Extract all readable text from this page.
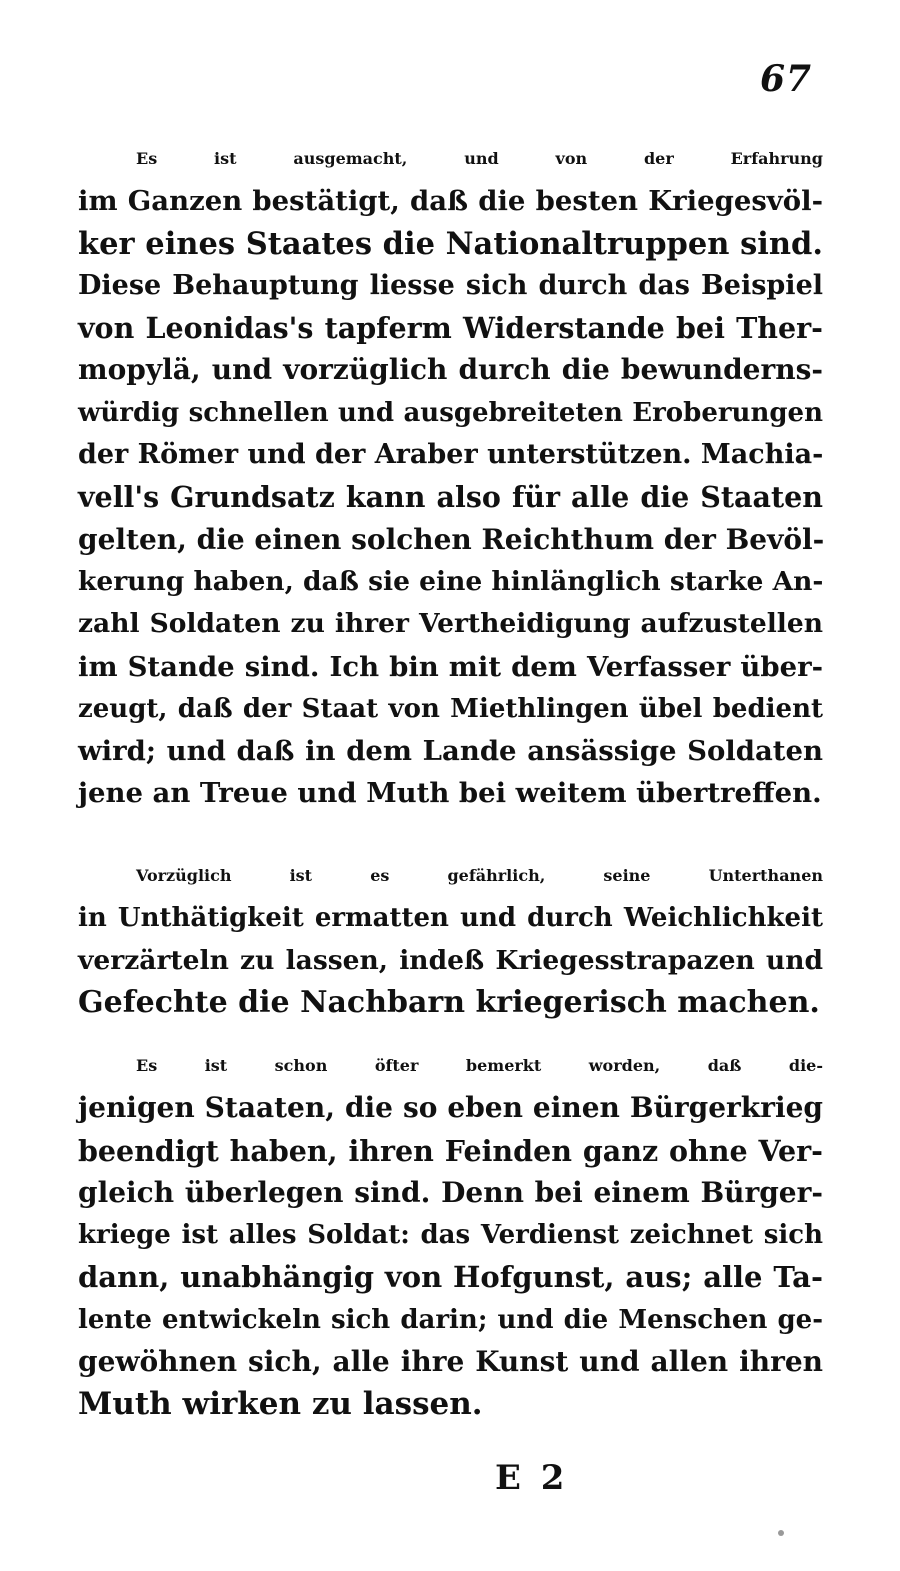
67
Es ist ausgemacht, und von der Erfahrung
im Ganzen bestätigt, daß die besten Kriegesvöl-
ker eines Staates die Nationaltruppen sind.
Diese Behauptung liesse sich durch das Beispiel
von Leonidas's tapferm Widerstande bei Ther-
mopylä, und vorzüglich durch die bewunderns-
würdig schnellen und ausgebreiteten Eroberungen
der Römer und der Araber unterstützen. Machia-
vell's Grundsatz kann also für alle die Staaten
gelten, die einen solchen Reichthum der Bevöl-
kerung haben, daß sie eine hinlänglich starke An-
zahl Soldaten zu ihrer Vertheidigung aufzustellen
im Stande sind. Ich bin mit dem Verfasser über-
zeugt, daß der Staat von Miethlingen übel bedient
wird; und daß in dem Lande ansässige Soldaten
jene an Treue und Muth bei weitem übertreffen.
Vorzüglich ist es gefährlich, seine Unterthanen
in Unthätigkeit ermatten und durch Weichlichkeit
verzärteln zu lassen, indeß Kriegesstrapazen und
Gefechte die Nachbarn kriegerisch machen.
Es ist schon öfter bemerkt worden, daß die-
jenigen Staaten, die so eben einen Bürgerkrieg
beendigt haben, ihren Feinden ganz ohne Ver-
gleich überlegen sind. Denn bei einem Bürger-
kriege ist alles Soldat: das Verdienst zeichnet sich
dann, unabhängig von Hofgunst, aus; alle Ta-
lente entwickeln sich darin; und die Menschen ge-
gewöhnen sich, alle ihre Kunst und allen ihren
Muth wirken zu lassen.
E 2
